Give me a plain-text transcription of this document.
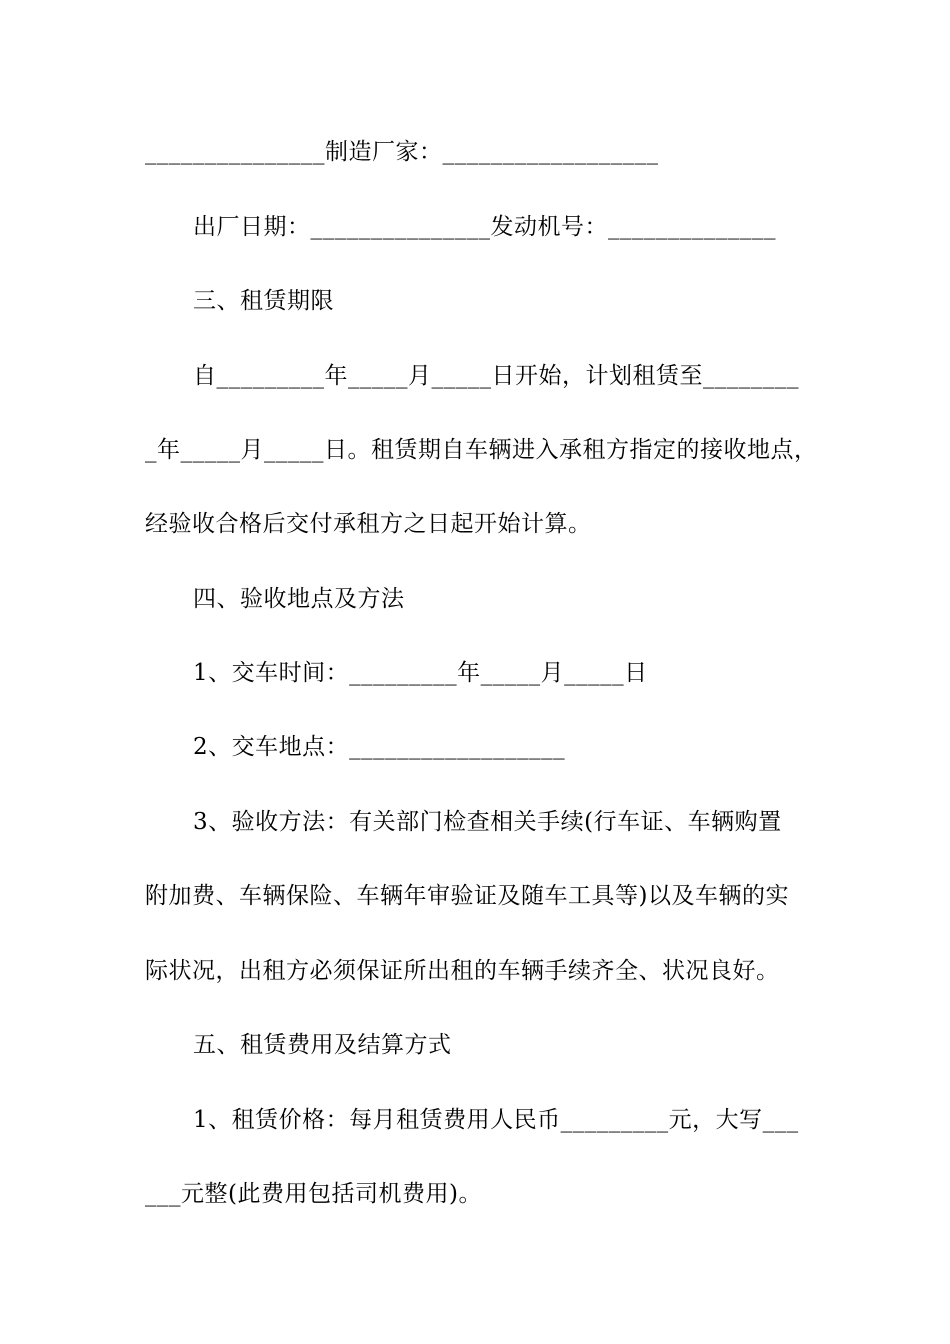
_______________制造厂家：__________________
出厂日期：_______________发动机号：______________
三、租赁期限
自_________年_____月_____日开始，计划租赁至________
_年_____月_____日。租赁期自车辆进入承租方指定的接收地点，
经验收合格后交付承租方之日起开始计算。
四、验收地点及方法
1、交车时间：_________年_____月_____日
2、交车地点：__________________
3、验收方法：有关部门检查相关手续(行车证、车辆购置
附加费、车辆保险、车辆年审验证及随车工具等)以及车辆的实
际状况，出租方必须保证所出租的车辆手续齐全、状况良好。
五、租赁费用及结算方式
1、租赁价格：每月租赁费用人民币_________元，大写___
___元整(此费用包括司机费用)。
